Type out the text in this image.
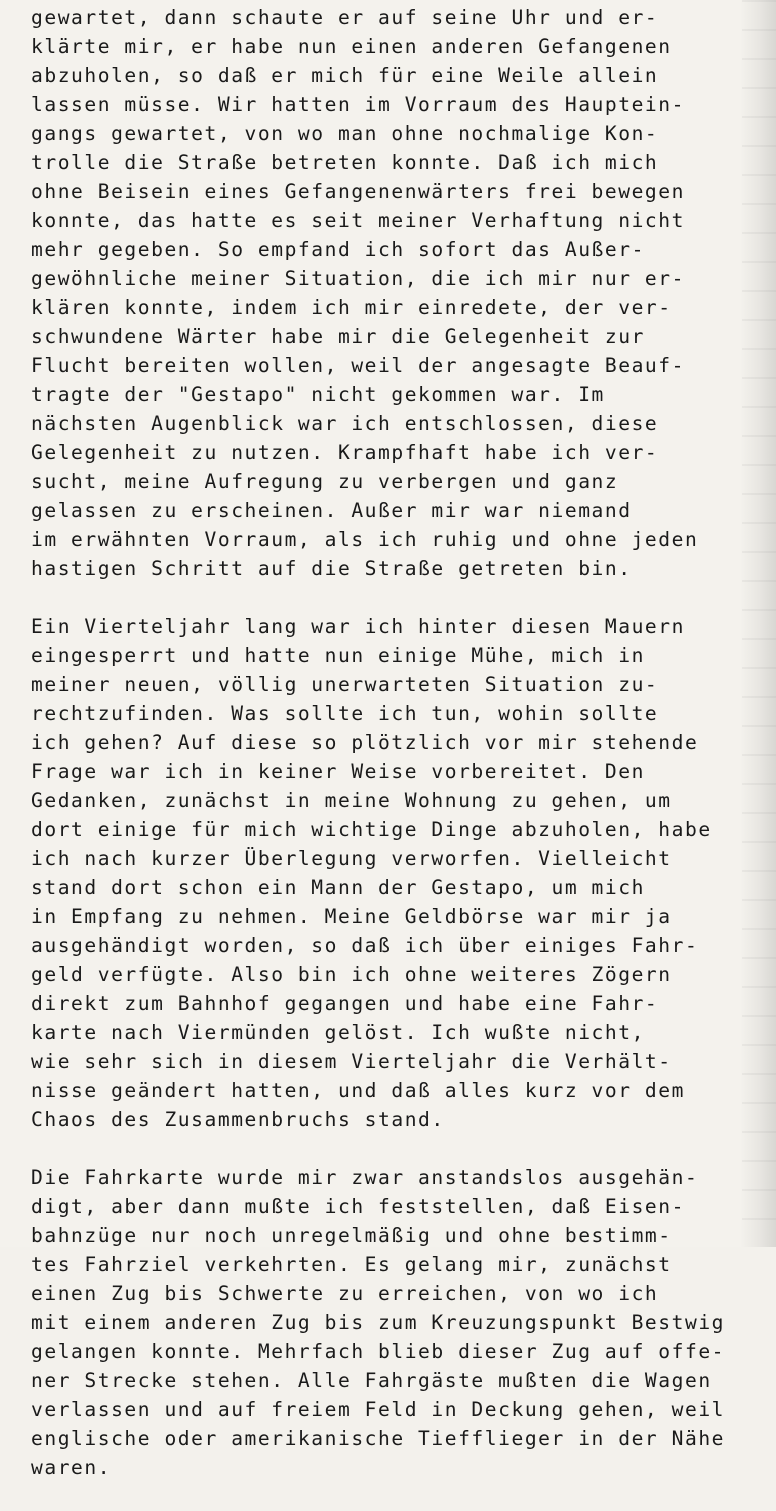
gewartet, dann schaute er auf seine Uhr und er-
klärte mir, er habe nun einen anderen Gefangenen
abzuholen, so daß er mich für eine Weile allein
lassen müsse. Wir hatten im Vorraum des Hauptein-
gangs gewartet, von wo man ohne nochmalige Kon-
trolle die Straße betreten konnte. Daß ich mich
ohne Beisein eines Gefangenenwärters frei bewegen
konnte, das hatte es seit meiner Verhaftung nicht
mehr gegeben. So empfand ich sofort das Außer-
gewöhnliche meiner Situation, die ich mir nur er-
klären konnte, indem ich mir einredete, der ver-
schwundene Wärter habe mir die Gelegenheit zur
Flucht bereiten wollen, weil der angesagte Beauf-
tragte der "Gestapo" nicht gekommen war. Im
nächsten Augenblick war ich entschlossen, diese
Gelegenheit zu nutzen. Krampfhaft habe ich ver-
sucht, meine Aufregung zu verbergen und ganz
gelassen zu erscheinen. Außer mir war niemand
im erwähnten Vorraum, als ich ruhig und ohne jeden
hastigen Schritt auf die Straße getreten bin.
Ein Vierteljahr lang war ich hinter diesen Mauern
eingesperrt und hatte nun einige Mühe, mich in
meiner neuen, völlig unerwarteten Situation zu-
rechtzufinden. Was sollte ich tun, wohin sollte
ich gehen? Auf diese so plötzlich vor mir stehende
Frage war ich in keiner Weise vorbereitet. Den
Gedanken, zunächst in meine Wohnung zu gehen, um
dort einige für mich wichtige Dinge abzuholen, habe
ich nach kurzer Überlegung verworfen. Vielleicht
stand dort schon ein Mann der Gestapo, um mich
in Empfang zu nehmen. Meine Geldbörse war mir ja
ausgehändigt worden, so daß ich über einiges Fahr-
geld verfügte. Also bin ich ohne weiteres Zögern
direkt zum Bahnhof gegangen und habe eine Fahr-
karte nach Viermünden gelöst. Ich wußte nicht,
wie sehr sich in diesem Vierteljahr die Verhält-
nisse geändert hatten, und daß alles kurz vor dem
Chaos des Zusammenbruchs stand.
Die Fahrkarte wurde mir zwar anstandslos ausgehän-
digt, aber dann mußte ich feststellen, daß Eisen-
bahnzüge nur noch unregelmäßig und ohne bestimm-
tes Fahrziel verkehrten. Es gelang mir, zunächst
einen Zug bis Schwerte zu erreichen, von wo ich
mit einem anderen Zug bis zum Kreuzungspunkt Bestwig
gelangen konnte. Mehrfach blieb dieser Zug auf offe-
ner Strecke stehen. Alle Fahrgäste mußten die Wagen
verlassen und auf freiem Feld in Deckung gehen, weil
englische oder amerikanische Tiefflieger in der Nähe
waren.
